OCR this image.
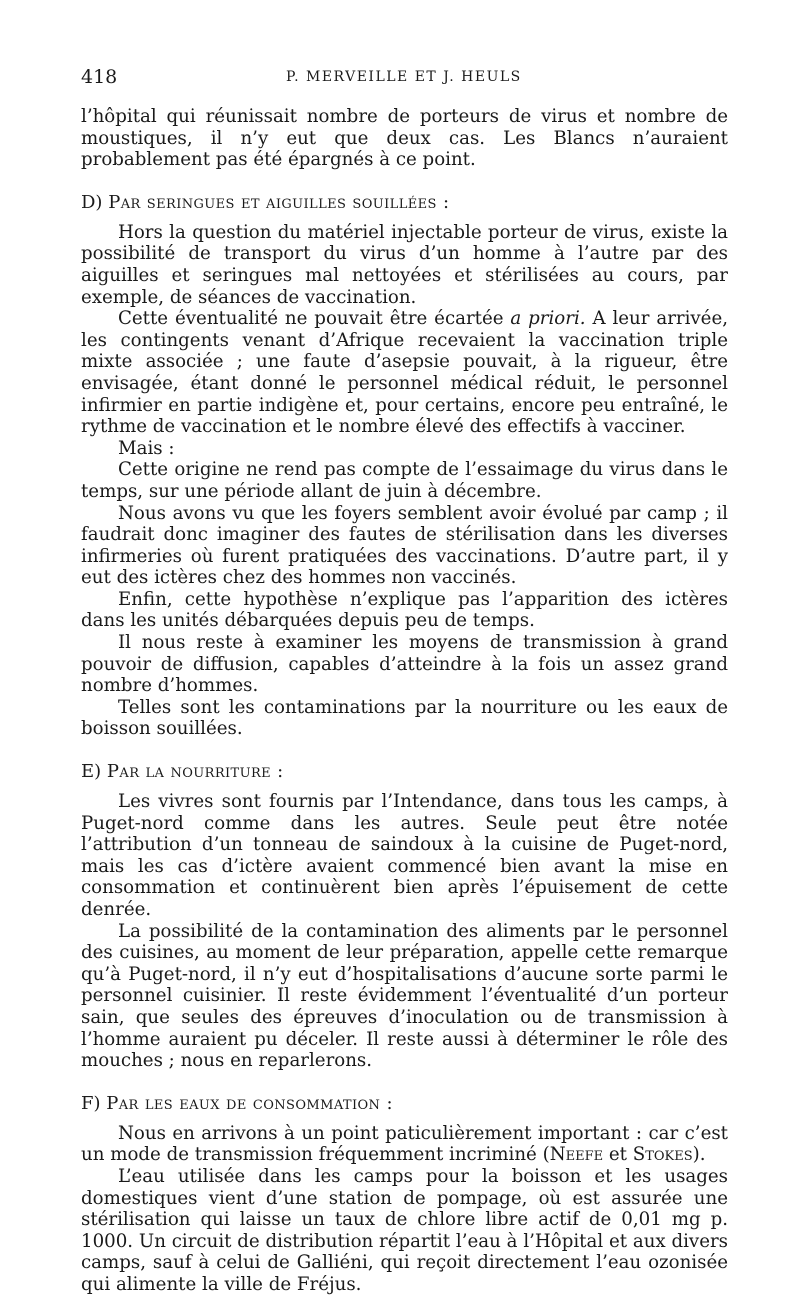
418	P. MERVEILLE ET J. HEULS

l’hôpital qui réunissait nombre de porteurs de virus et nombre de moustiques, il n’y eut que deux cas. Les Blancs n’auraient probablement pas été épargnés à ce point.

D) Par seringues et aiguilles souillées :

Hors la question du matériel injectable porteur de virus, existe la possibilité de transport du virus d’un homme à l’autre par des aiguilles et seringues mal nettoyées et stérilisées au cours, par exemple, de séances de vaccination.

Cette éventualité ne pouvait être écartée a priori. A leur arrivée, les contingents venant d’Afrique recevaient la vaccination triple mixte associée ; une faute d’asepsie pouvait, à la rigueur, être envisagée, étant donné le personnel médical réduit, le personnel infirmier en partie indigène et, pour certains, encore peu entraîné, le rythme de vaccination et le nombre élevé des effectifs à vacciner.

Mais :

Cette origine ne rend pas compte de l’essaimage du virus dans le temps, sur une période allant de juin à décembre.

Nous avons vu que les foyers semblent avoir évolué par camp ; il faudrait donc imaginer des fautes de stérilisation dans les diverses infirmeries où furent pratiquées des vaccinations. D’autre part, il y eut des ictères chez des hommes non vaccinés.

Enfin, cette hypothèse n’explique pas l’apparition des ictères dans les unités débarquées depuis peu de temps.

Il nous reste à examiner les moyens de transmission à grand pouvoir de diffusion, capables d’atteindre à la fois un assez grand nombre d’hommes.

Telles sont les contaminations par la nourriture ou les eaux de boisson souillées.

E) Par la nourriture :

Les vivres sont fournis par l’Intendance, dans tous les camps, à Puget-nord comme dans les autres. Seule peut être notée l’attribution d’un tonneau de saindoux à la cuisine de Puget-nord, mais les cas d’ictère avaient commencé bien avant la mise en consommation et continuèrent bien après l’épuisement de cette denrée.

La possibilité de la contamination des aliments par le personnel des cuisines, au moment de leur préparation, appelle cette remarque qu’à Puget-nord, il n’y eut d’hospitalisations d’aucune sorte parmi le personnel cuisinier. Il reste évidemment l’éventualité d’un porteur sain, que seules des épreuves d’inoculation ou de transmission à l’homme auraient pu déceler. Il reste aussi à déterminer le rôle des mouches ; nous en reparlerons.

F) Par les eaux de consommation :

Nous en arrivons à un point paticulièrement important : car c’est un mode de transmission fréquemment incriminé (Neefe et Stokes).

L’eau utilisée dans les camps pour la boisson et les usages domestiques vient d’une station de pompage, où est assurée une stérilisation qui laisse un taux de chlore libre actif de 0,01 mg p. 1000. Un circuit de distribution répartit l’eau à l’Hôpital et aux divers camps, sauf à celui de Galliéni, qui reçoit directement l’eau ozonisée qui alimente la ville de Fréjus.
